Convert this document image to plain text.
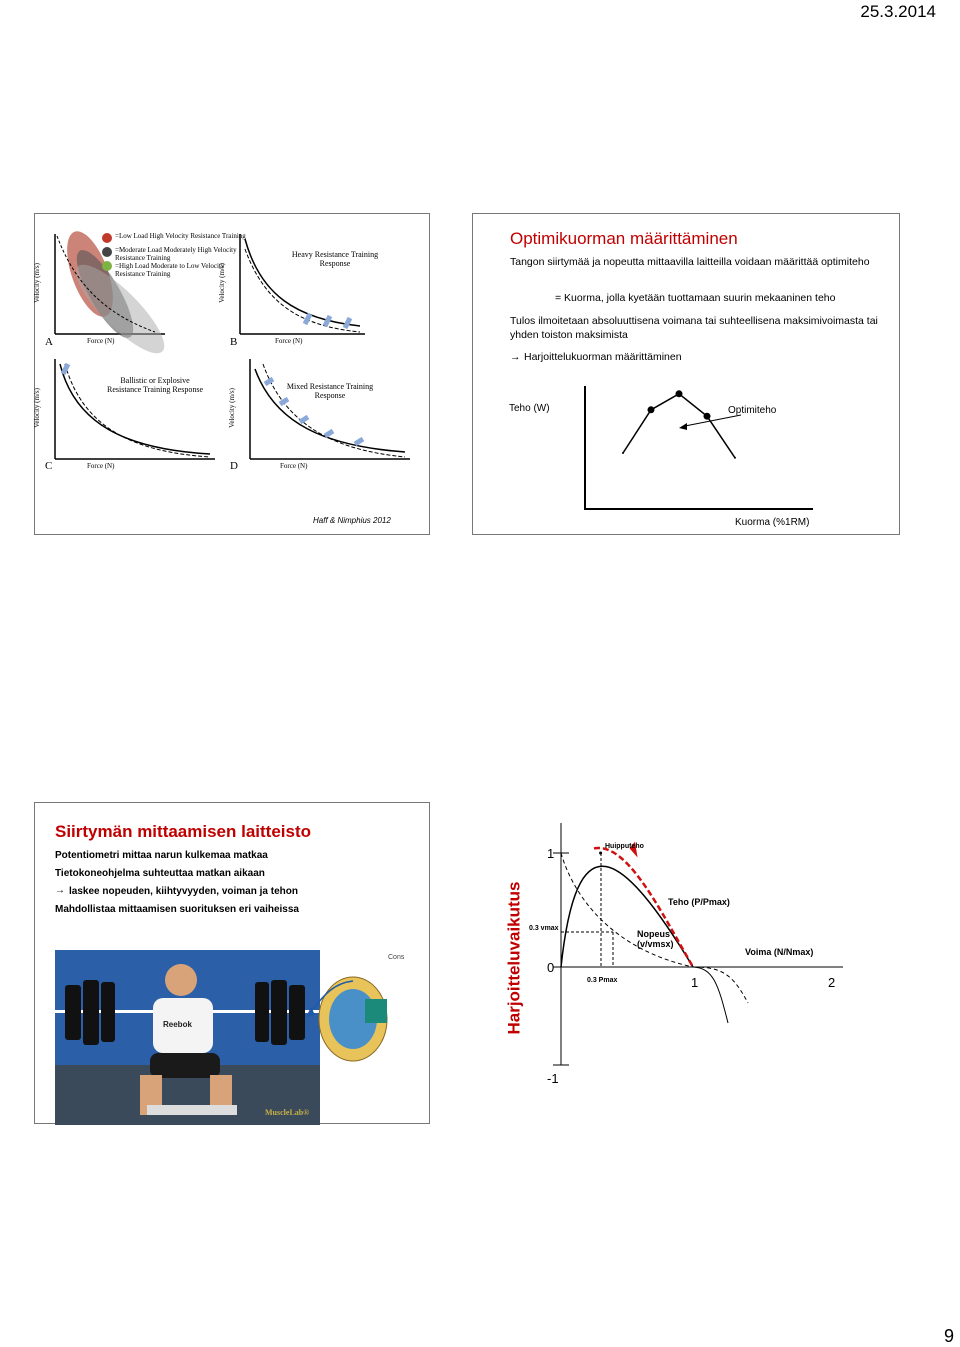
25.3.2014
=Low Load High Velocity Resistance Training
=Moderate Load Moderately High Velocity Resistance Training
=High Load Moderate to Low Velocity Resistance Training
A	B
C	D
Velocity (m/s)	Velocity (m/s)
Velocity (m/s)	Velocity (m/s)
Force (N)	Force (N)
Force (N)	Force (N)
Heavy Resistance Training Response
Ballistic or Explosive Resistance Training Response	Mixed Resistance Training Response
Haff & Nimphius 2012
Optimikuorman määrittäminen
Tangon siirtymää ja nopeutta mittaavilla laitteilla voidaan määrittää optimiteho
= Kuorma, jolla kyetään tuottamaan suurin mekaaninen teho
Tulos ilmoitetaan absoluuttisena voimana tai suhteellisena maksimivoimasta tai yhden toiston maksimista
→ Harjoittelukuorman määrittäminen
Teho (W)	Optimiteho
Kuorma (%1RM)
Siirtymän mittaamisen laitteisto
Potentiometri mittaa narun kulkemaa matkaa
Tietokoneohjelma suhteuttaa matkan aikaan
→ laskee nopeuden, kiihtyvyyden, voiman ja tehon
Mahdollistaa mittaamisen suorituksen eri vaiheissa
Reebok
MuscleLab®
Cons	Harjoitteluvaikutus
1
0
-1
1	2
Huipputeho
Teho (P/Pmax)
Nopeus (v/vmsx)
Voima (N/Nmax)
0.3 vmax
0.3 Pmax
9
